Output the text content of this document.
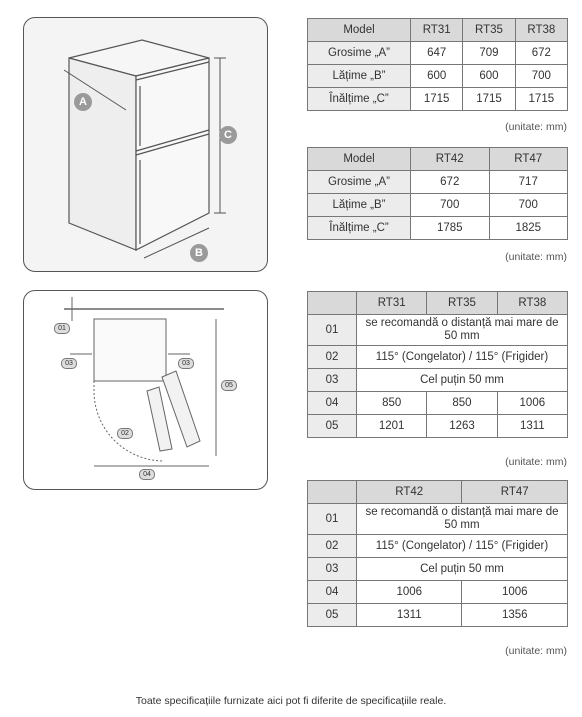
A
B
C
01
03	03
05
02
04
Model	RT31	RT35	RT38
Grosime „A”	647	709	672
Lățime „B”	600	600	700
Înălțime „C”	1715	1715	1715
(unitate: mm)
Model	RT42	RT47
Grosime „A”	672	717
Lățime „B”	700	700
Înălțime „C”	1785	1825
(unitate: mm)
	RT31	RT35	RT38
01	se recomandă o distanță mai mare de 50 mm		
02	115° (Congelator) / 115° (Frigider)		
03	Cel puțin 50 mm		
04	850	850	1006
05	1201	1263	1311
(unitate: mm)
	RT42	RT47
01	se recomandă o distanță mai mare de 50 mm	
02	115° (Congelator) / 115° (Frigider)	
03	Cel puțin 50 mm	
04	1006	1006
05	1311	1356
(unitate: mm)
Toate specificațiile furnizate aici pot fi diferite de specificațiile reale.
